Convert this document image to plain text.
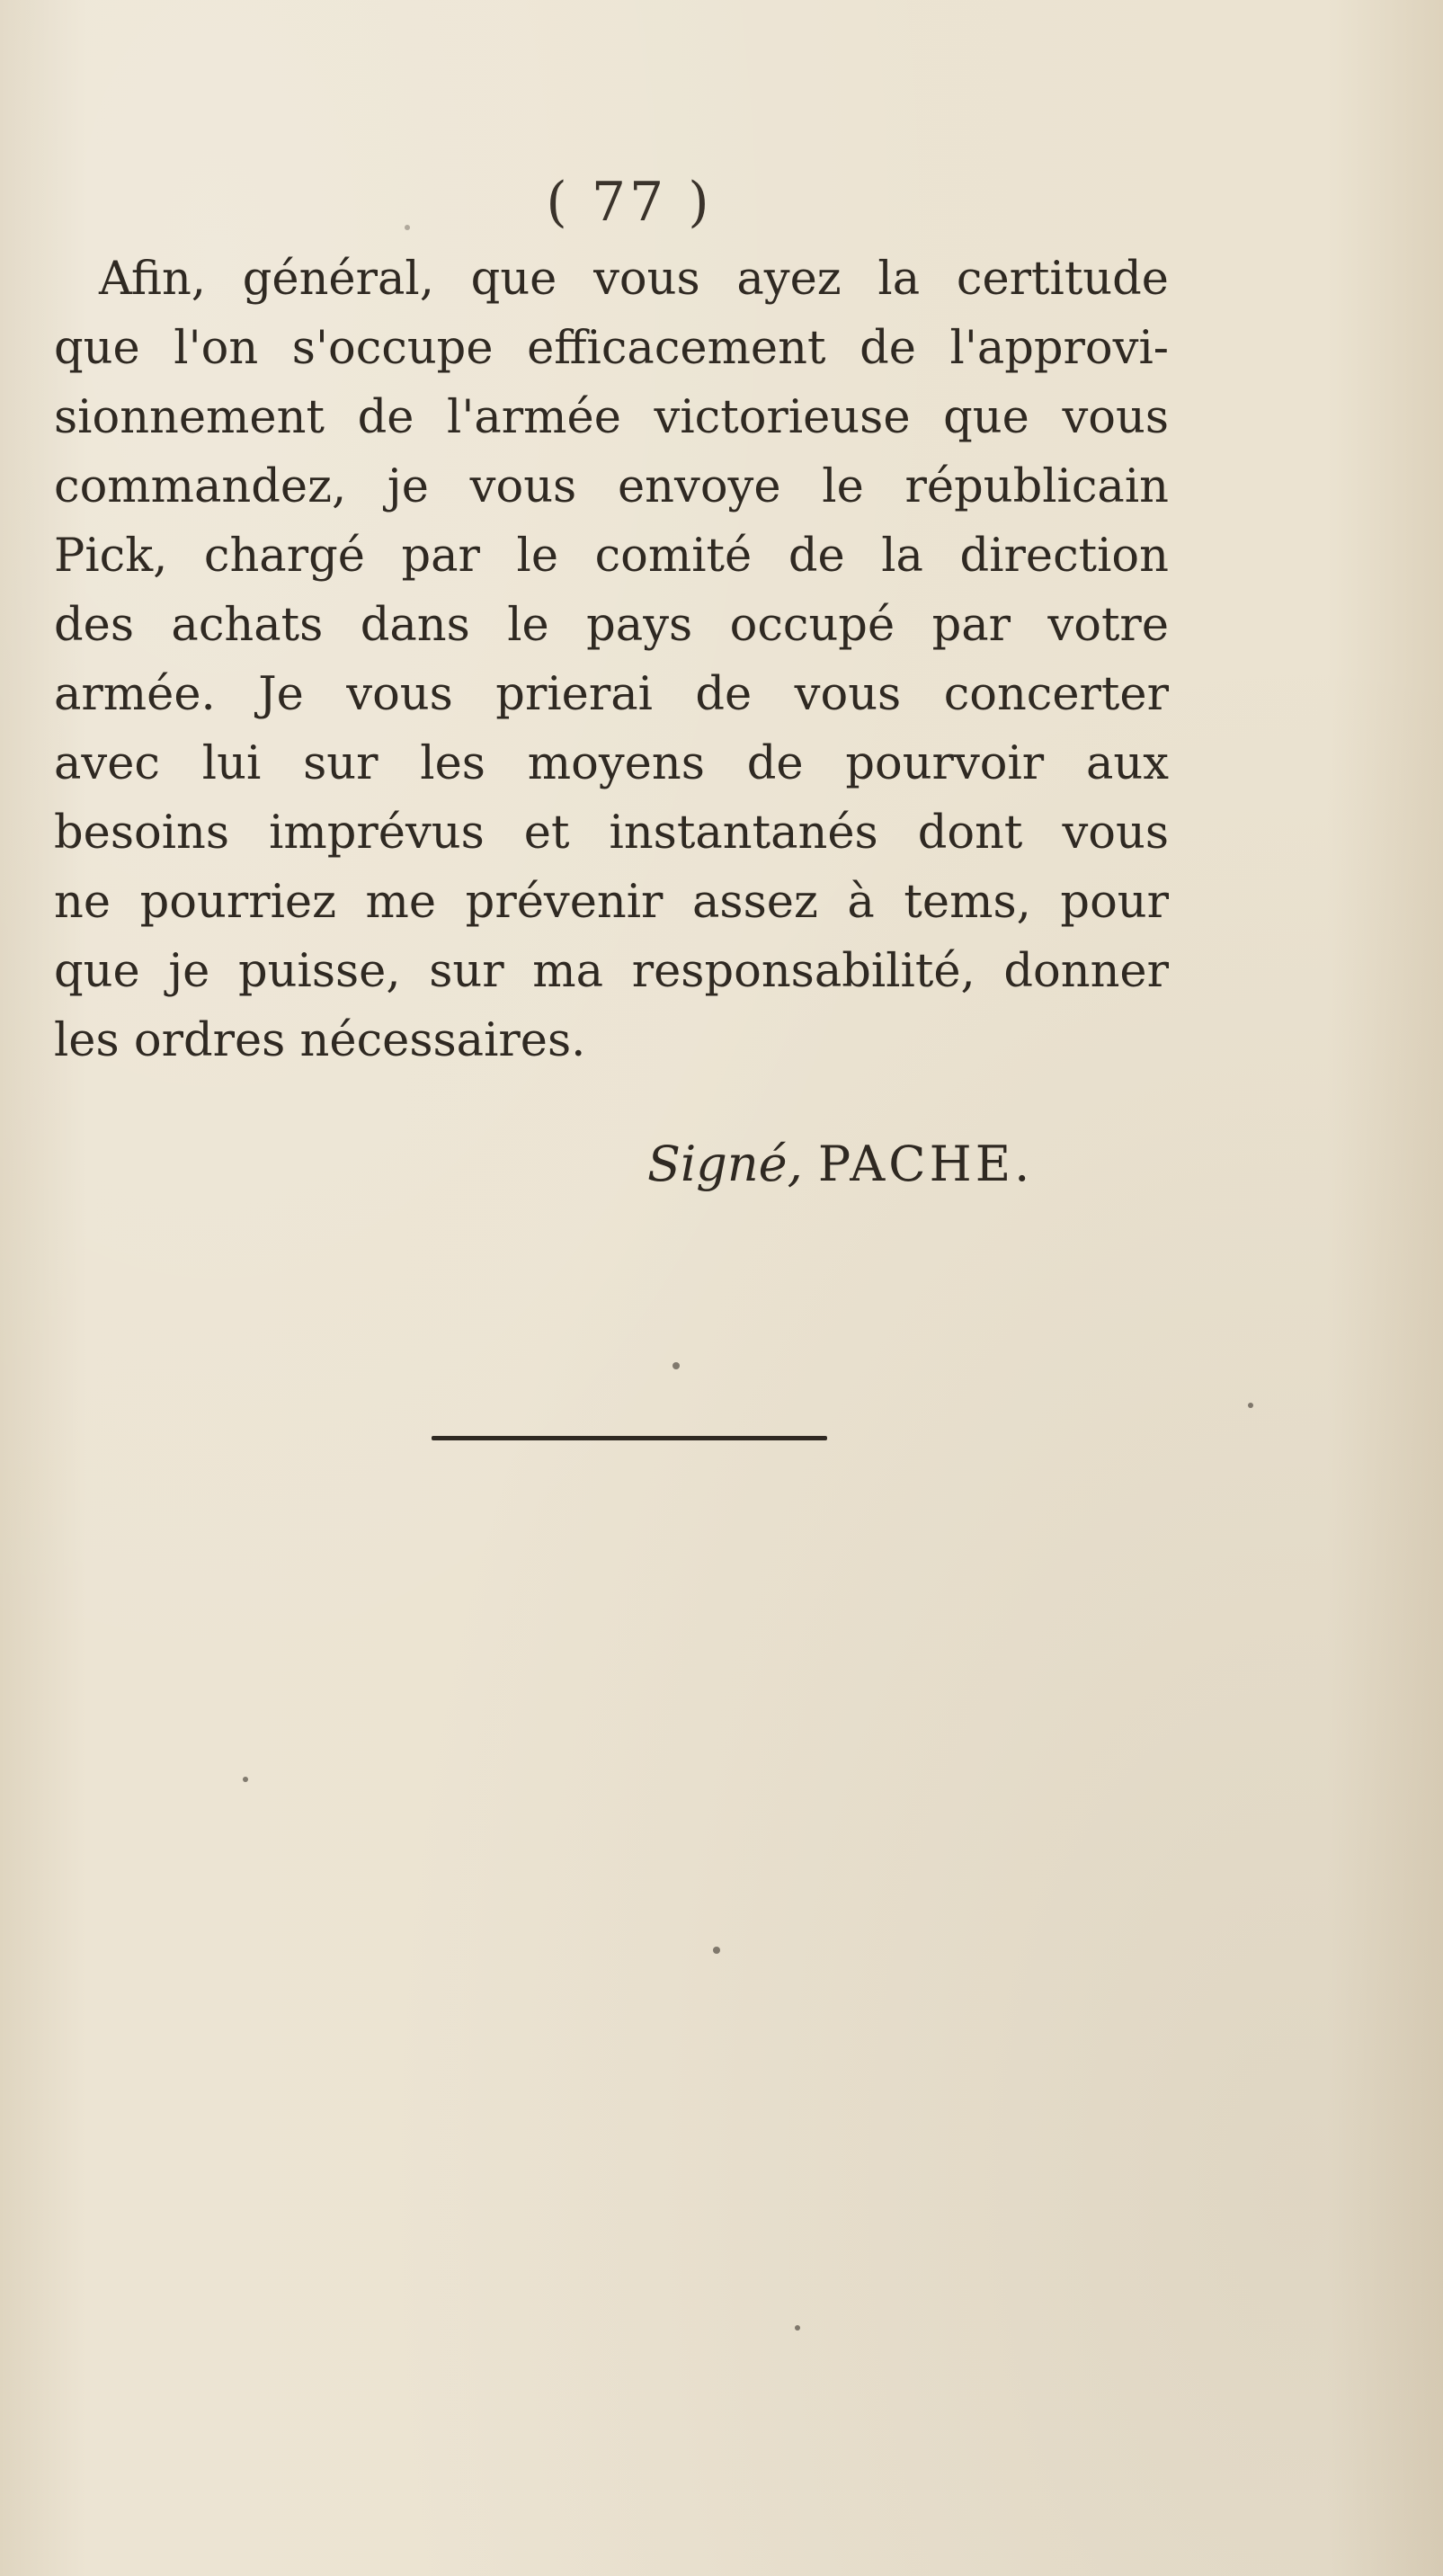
( 77 )
Afin, général, que vous ayez la certitude
que l'on s'occupe efficacement de l'approvi-
sionnement de l'armée victorieuse que vous
commandez, je vous envoye le républicain
Pick, chargé par le comité de la direction
des achats dans le pays occupé par votre
armée. Je vous prierai de vous concerter
avec lui sur les moyens de pourvoir aux
besoins imprévus et instantanés dont vous
ne pourriez me prévenir assez à tems, pour
que je puisse, sur ma responsabilité, donner
les ordres nécessaires.
Signé, PACHE.
